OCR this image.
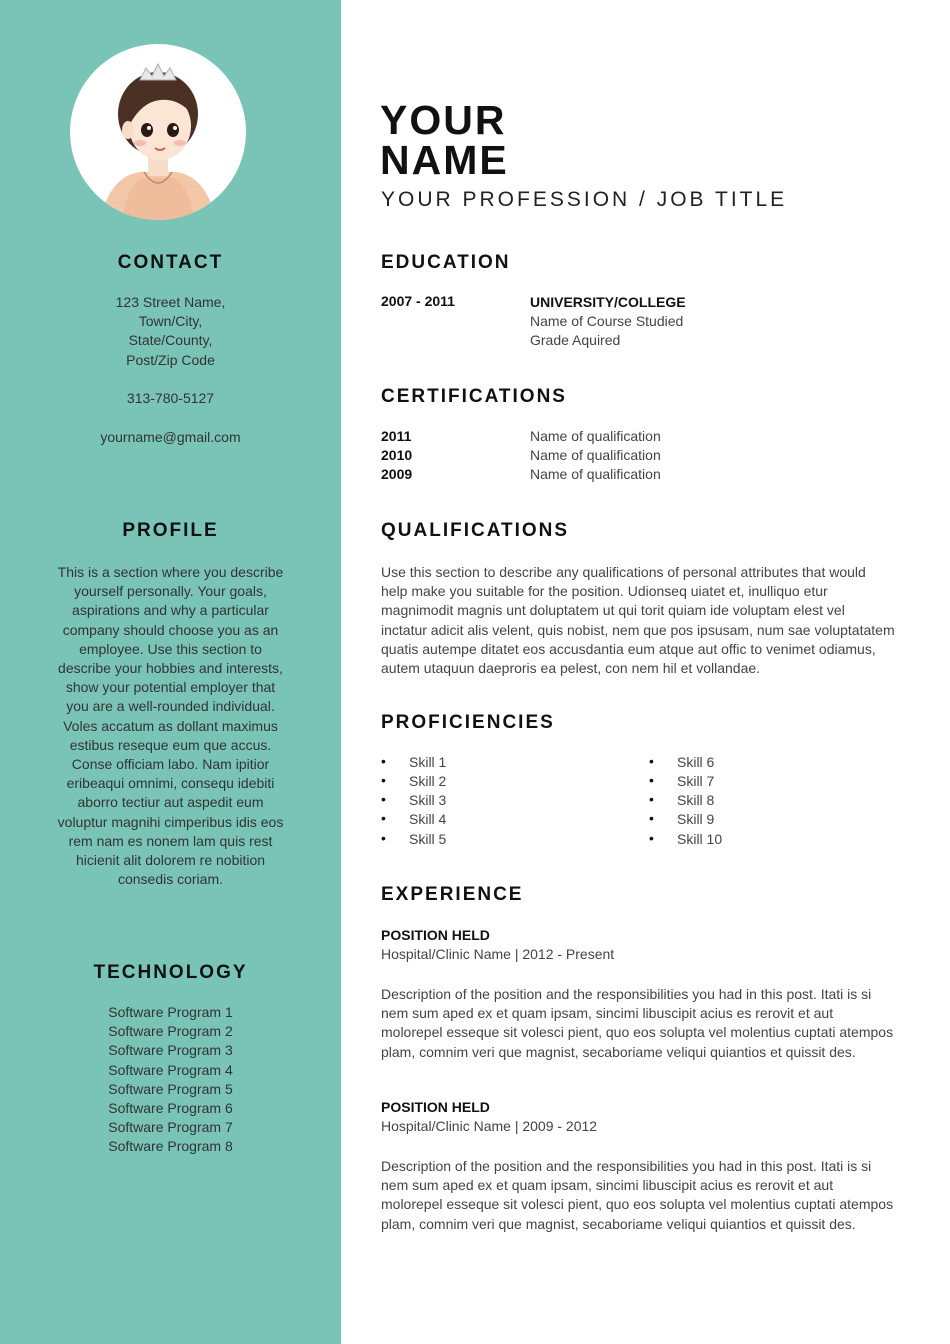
CONTACT
123 Street Name,
Town/City,
State/County,
Post/Zip Code
313-780-5127
yourname@gmail.com
PROFILE
This is a section where you describe
yourself personally. Your goals,
aspirations and why a particular
company should choose you as an
employee. Use this section to
describe your hobbies and interests,
show your potential employer that
you are a well-rounded individual.
Voles accatum as dollant maximus
estibus reseque eum que accus.
Conse officiam labo. Nam ipitior
eribeaqui omnimi, consequ idebiti
aborro tectiur aut aspedit eum
voluptur magnihi cimperibus idis eos
rem nam es nonem lam quis rest
hicienit alit dolorem re nobition
consedis coriam.
TECHNOLOGY
Software Program 1
Software Program 2
Software Program 3
Software Program 4
Software Program 5
Software Program 6
Software Program 7
Software Program 8
YOUR
NAME
YOUR PROFESSION / JOB TITLE
EDUCATION
2007 - 2011	UNIVERSITY/COLLEGE
Name of Course Studied
Grade Aquired
CERTIFICATIONS
2011	Name of qualification
2010	Name of qualification
2009	Name of qualification
QUALIFICATIONS
Use this section to describe any qualifications of personal attributes that would
help make you suitable for the position. Udionseq uiatet et, inulliquo etur
magnimodit magnis unt doluptatem ut qui torit quiam ide voluptam elest vel
inctatur adicit alis velent, quis nobist, nem que pos ipsusam, num sae voluptatatem
quatis autempe ditatet eos accusdantia eum atque aut offic to venimet odiamus,
autem utaquun daeproris ea pelest, con nem hil et vollandae.
PROFICIENCIES
• Skill 1
• Skill 2
• Skill 3
• Skill 4
• Skill 5
• Skill 6
• Skill 7
• Skill 8
• Skill 9
• Skill 10
EXPERIENCE
POSITION HELD
Hospital/Clinic Name | 2012 - Present
Description of the position and the responsibilities you had in this post. Itati is si
nem sum aped ex et quam ipsam, sincimi libuscipit acius es rerovit et aut
molorepel esseque sit volesci pient, quo eos solupta vel molentius cuptati atempos
plam, comnim veri que magnist, secaboriame veliqui quiantios et quissit des.
POSITION HELD
Hospital/Clinic Name | 2009 - 2012
Description of the position and the responsibilities you had in this post. Itati is si
nem sum aped ex et quam ipsam, sincimi libuscipit acius es rerovit et aut
molorepel esseque sit volesci pient, quo eos solupta vel molentius cuptati atempos
plam, comnim veri que magnist, secaboriame veliqui quiantios et quissit des.
